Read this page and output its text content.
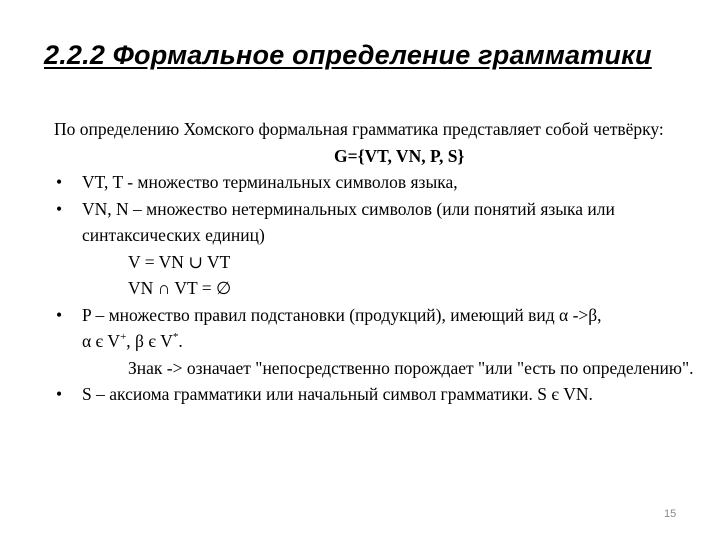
2.2.2 Формальное определение грамматики

По определению Хомского формальная грамматика представляет собой четвёрку:

G={VT, VN, P, S}

• VT, T - множество терминальных символов языка,
• VN, N – множество нетерминальных символов (или понятий языка или синтаксических единиц)

V = VN ∪ VT

VN ∩ VT = ∅

• P – множество правил подстановки (продукций), имеющий вид α ->β,

α є V+, β є V*.

Знак -> означает "непосредственно порождает "или "есть по определению".

• S – аксиома грамматики или начальный символ грамматики. S є VN.
15
